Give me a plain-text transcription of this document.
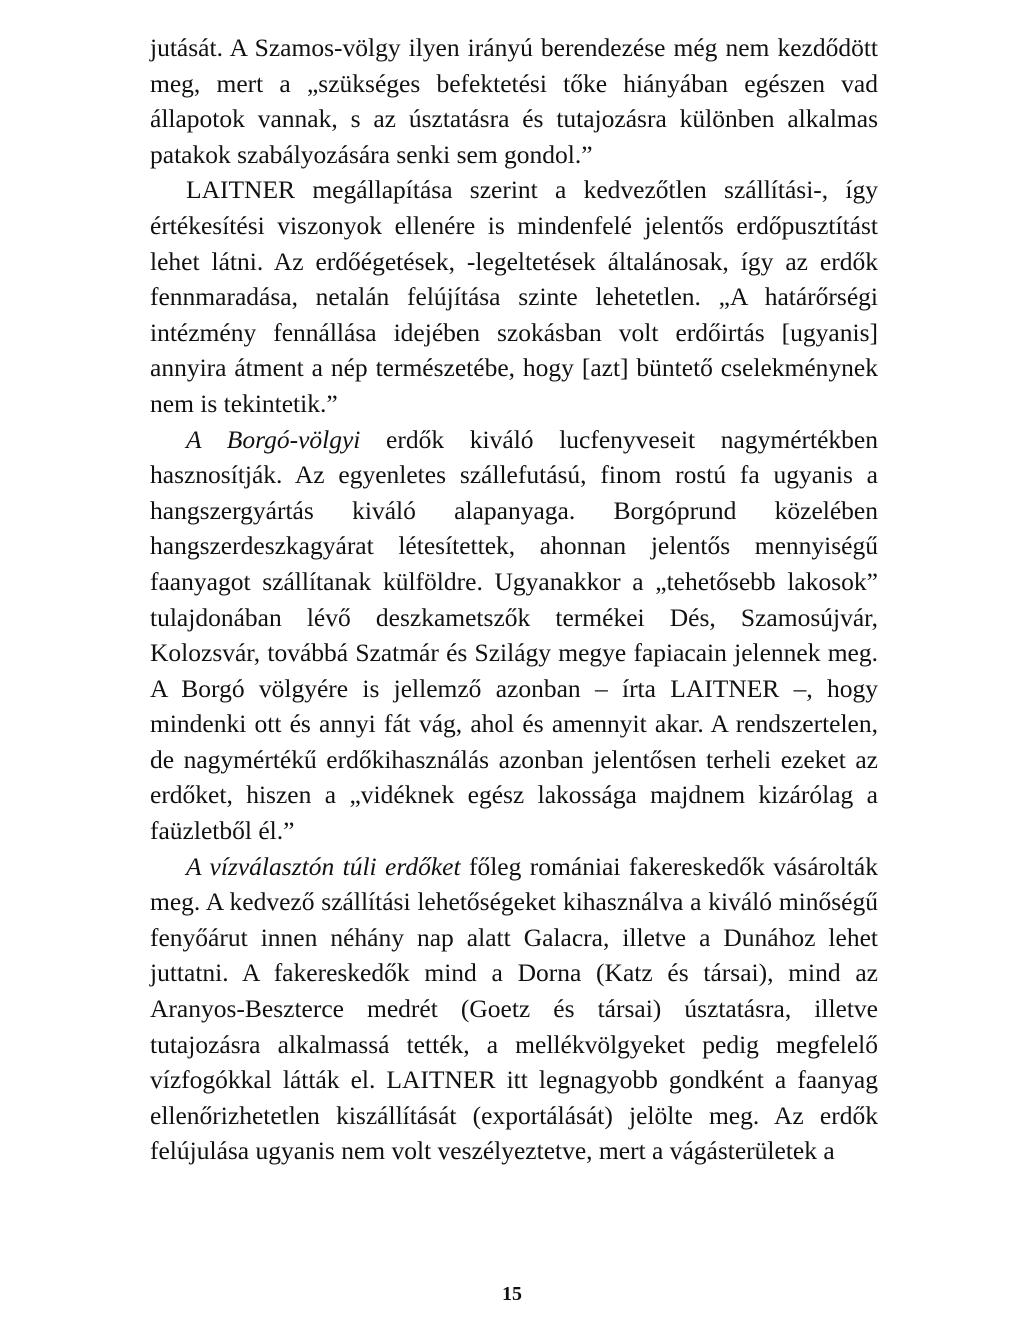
jutását. A Szamos-völgy ilyen irányú berendezése még nem kezdődött meg, mert a „szükséges befektetési tőke hiányában egészen vad állapotok vannak, s az úsztatásra és tutajozásra különben alkalmas patakok szabályozására senki sem gondol.”

LAITNER megállapítása szerint a kedvezőtlen szállítási-, így értékesítési viszonyok ellenére is mindenfelé jelentős erdőpusztítást lehet látni. Az erdőégetések, -legeltetések általánosak, így az erdők fennmaradása, netalán felújítása szinte lehetetlen. „A határőrségi intézmény fennállása idejében szokásban volt erdőirtás [ugyanis] annyira átment a nép természetébe, hogy [azt] büntető cselekménynek nem is tekintetik.”

A Borgó-völgyi erdők kiváló lucfenyveseit nagymértékben hasznosítják. Az egyenletes szállefutású, finom rostú fa ugyanis a hangszergyártás kiváló alapanyaga. Borgóprund közelében hangszerdeszkagyárat létesítettek, ahonnan jelentős mennyiségű faanyagot szállítanak külföldre. Ugyanakkor a „tehetősebb lakosok” tulajdonában lévő deszkametszők termékei Dés, Szamosújvár, Kolozsvár, továbbá Szatmár és Szilágy megye fapiacain jelennek meg. A Borgó völgyére is jellemző azonban – írta LAITNER –, hogy mindenki ott és annyi fát vág, ahol és amennyit akar. A rendszertelen, de nagymértékű erdőkihasználás azonban jelentősen terheli ezeket az erdőket, hiszen a „vidéknek egész lakossága majdnem kizárólag a faüzletből él.”

A vízválasztón túli erdőket főleg romániai fakereskedők vásárolták meg. A kedvező szállítási lehetőségeket kihasználva a kiváló minőségű fenyőárut innen néhány nap alatt Galacra, illetve a Dunához lehet juttatni. A fakereskedők mind a Dorna (Katz és társai), mind az Aranyos-Beszterce medrét (Goetz és társai) úsztatásra, illetve tutajozásra alkalmassá tették, a mellékvölgyeket pedig megfelelő vízfogókkal látták el. LAITNER itt legnagyobb gondként a faanyag ellenőrizhetetlen kiszállítását (exportálását) jelölte meg. Az erdők felújulása ugyanis nem volt veszélyeztetve, mert a vágásterületek a

15
